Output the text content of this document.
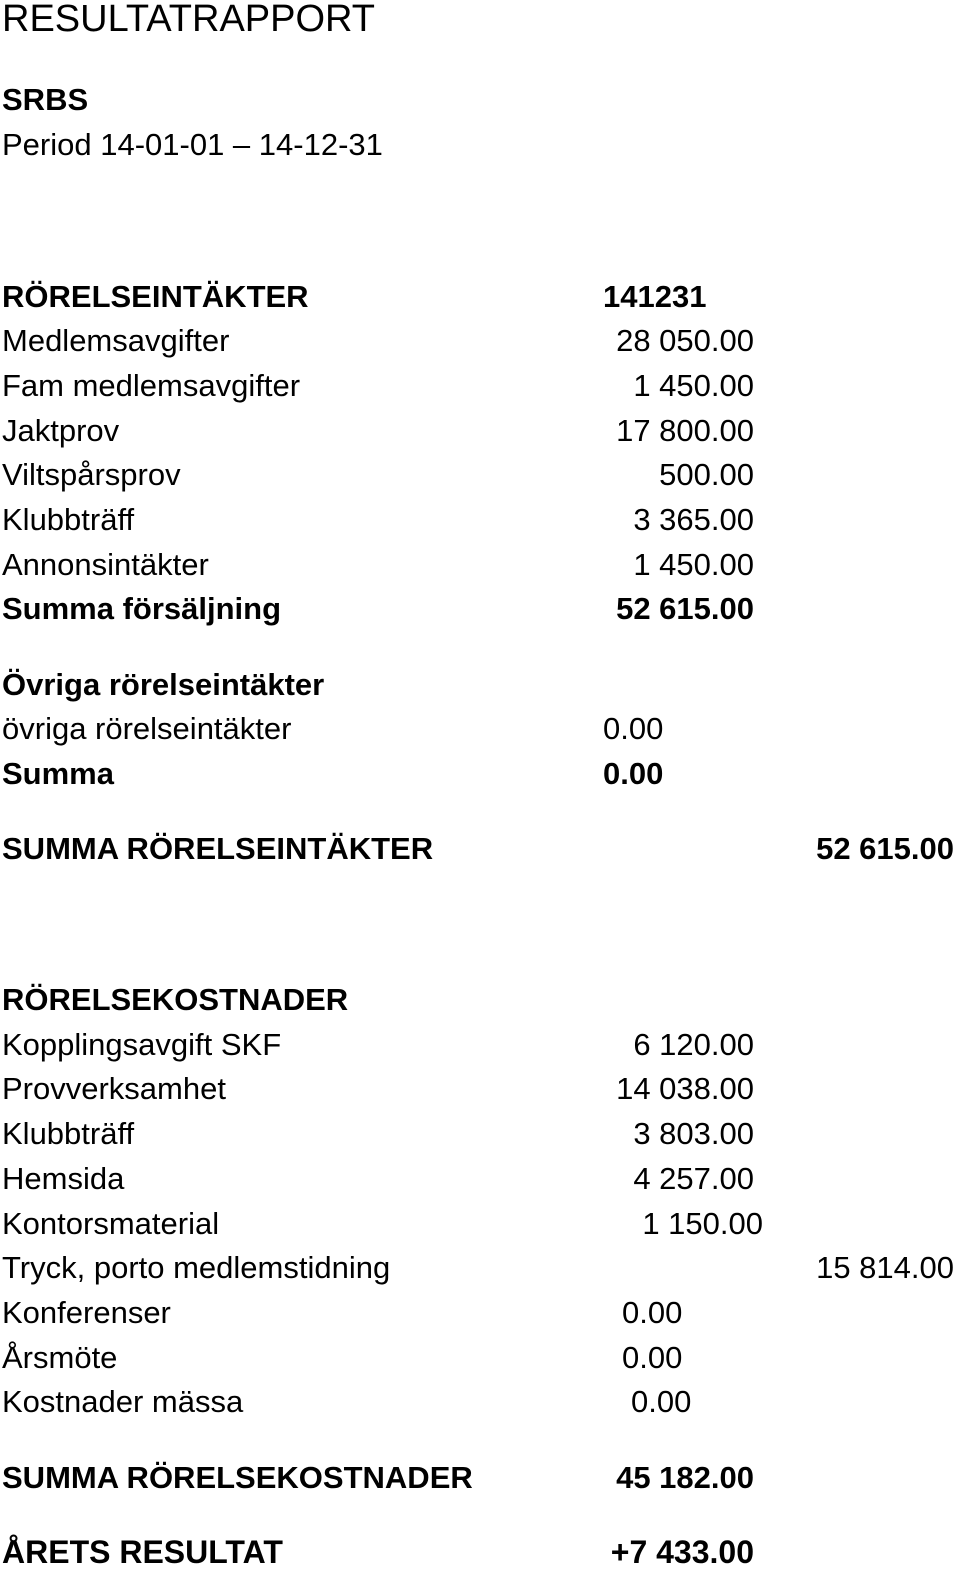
RESULTATRAPPORT
SRBS
Period 14-01-01 – 14-12-31
RÖRELSEINTÄKTER	141231
Medlemsavgifter	28 050.00
Fam medlemsavgifter	1 450.00
Jaktprov	17 800.00
Viltspårsprov	500.00
Klubbträff	3 365.00
Annonsintäkter	1 450.00
Summa försäljning	52 615.00
Övriga rörelseintäkter
övriga rörelseintäkter	0.00
Summa	0.00
SUMMA RÖRELSEINTÄKTER	52 615.00
RÖRELSEKOSTNADER
Kopplingsavgift SKF	6 120.00
Provverksamhet	14 038.00
Klubbträff	3 803.00
Hemsida	4 257.00
Kontorsmaterial	1 150.00
Tryck, porto medlemstidning	15 814.00
Konferenser	0.00
Årsmöte	0.00
Kostnader mässa	0.00
SUMMA RÖRELSEKOSTNADER	45 182.00
ÅRETS RESULTAT	+7 433.00
